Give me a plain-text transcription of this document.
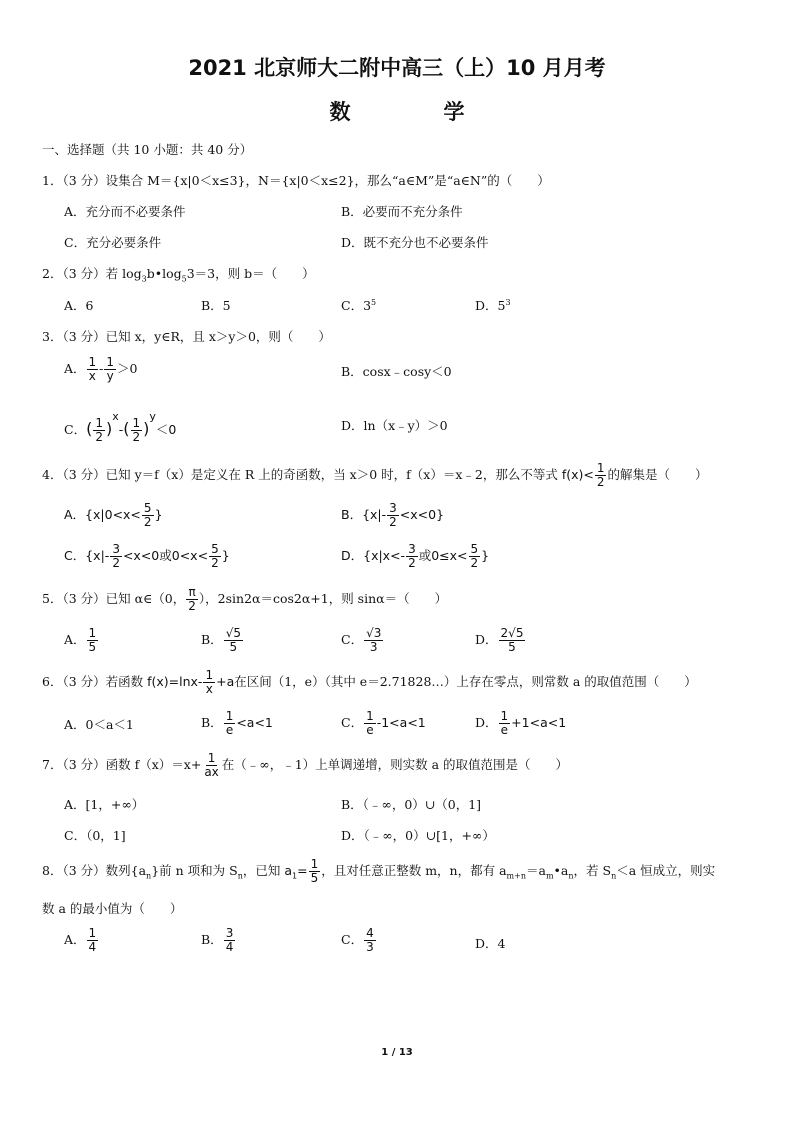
2021 北京师大二附中高三（上）10 月月考
数　学
一、选择题（共 10 小题：共 40 分）
1．（3 分）设集合 M＝{x|0＜x≤3}，N＝{x|0＜x≤2}，那么“a∈M”是“a∈N”的（　　）
A．充分而不必要条件	B．必要而不充分条件
C．充分必要条件	D．既不充分也不必要条件
2．（3 分）若 $\log_3b•\log_53=3$，则 b＝（　　）
A．6	B．5	C．$3^5$	D．$5^3$
3．（3 分）已知 x，y∈R，且 x＞y＞0，则（　　）
A． $\frac{1}{x} - \frac{1}{y} >0$	B．cosx﹣cosy＜0
C．( $\frac{1}{2} )^x-( \frac{1}{2} )^y<0$	D．ln（x﹣y）＞0
4．（3 分）已知 y＝f（x）是定义在 R 上的奇函数，当 x＞0 时，f（x）＝x﹣2，那么不等式 $f(x)< \frac{1}{2}$ 的解集是（　　）
A．{$x|0<x< \frac{5}{2}$ }	B．$\{x|- \frac{3}{2} <x<0\}$
C．{$x|- \frac{3}{2} <x<0$或$0<x< \frac{5}{2}$ }	D．{$x|x<- \frac{3}{2}$ 或$0\le x< \frac{5}{2}$ }
5．（3 分）已知 α∈（0， $\frac{\pi}{2}$ ），2sin2α＝cos2α+1，则 sinα＝（　　）
A． $\frac{1}{5}$	B． $\frac{√5}{5}$	C． $\frac{√3}{3}$	D． $\frac{2√5}{5}$
6．（3 分）若函数 $f(x)=\ln x- \frac{1}{x} +a$在区间（1，e）（其中 e＝2.71828…）上存在零点，则常数 a 的取值范围（　　）
A．0＜a＜1	B． $\frac{1}{e} <a<1$	C． $\frac{1}{e} -1<a<1$	D． $\frac{1}{e} +1<a<1$
7．（3 分）函数 $f(x)=x+ \frac{1}{ax}$ 在（﹣∞，﹣1）上单调递增，则实数 a 的取值范围是（　　）
A．[1，+∞）	B．（﹣∞，0）∪（0，1]
C．（0，1]	D．（﹣∞，0）∪[1，+∞）
8．（3 分）数列$\{a_n\}$前 n 项和为 $S_n$，已知 $a_1= \frac{1}{5}$ ，且对任意正整数 m，n，都有 $a_{m+n}=a_m•a_n$，若 $S_n<a$ 恒成立，则实
数 a 的最小值为（　　）
A． $\frac{1}{4}$	B． $\frac{3}{4}$	C． $\frac{4}{3}$	D．4
1 / 13
